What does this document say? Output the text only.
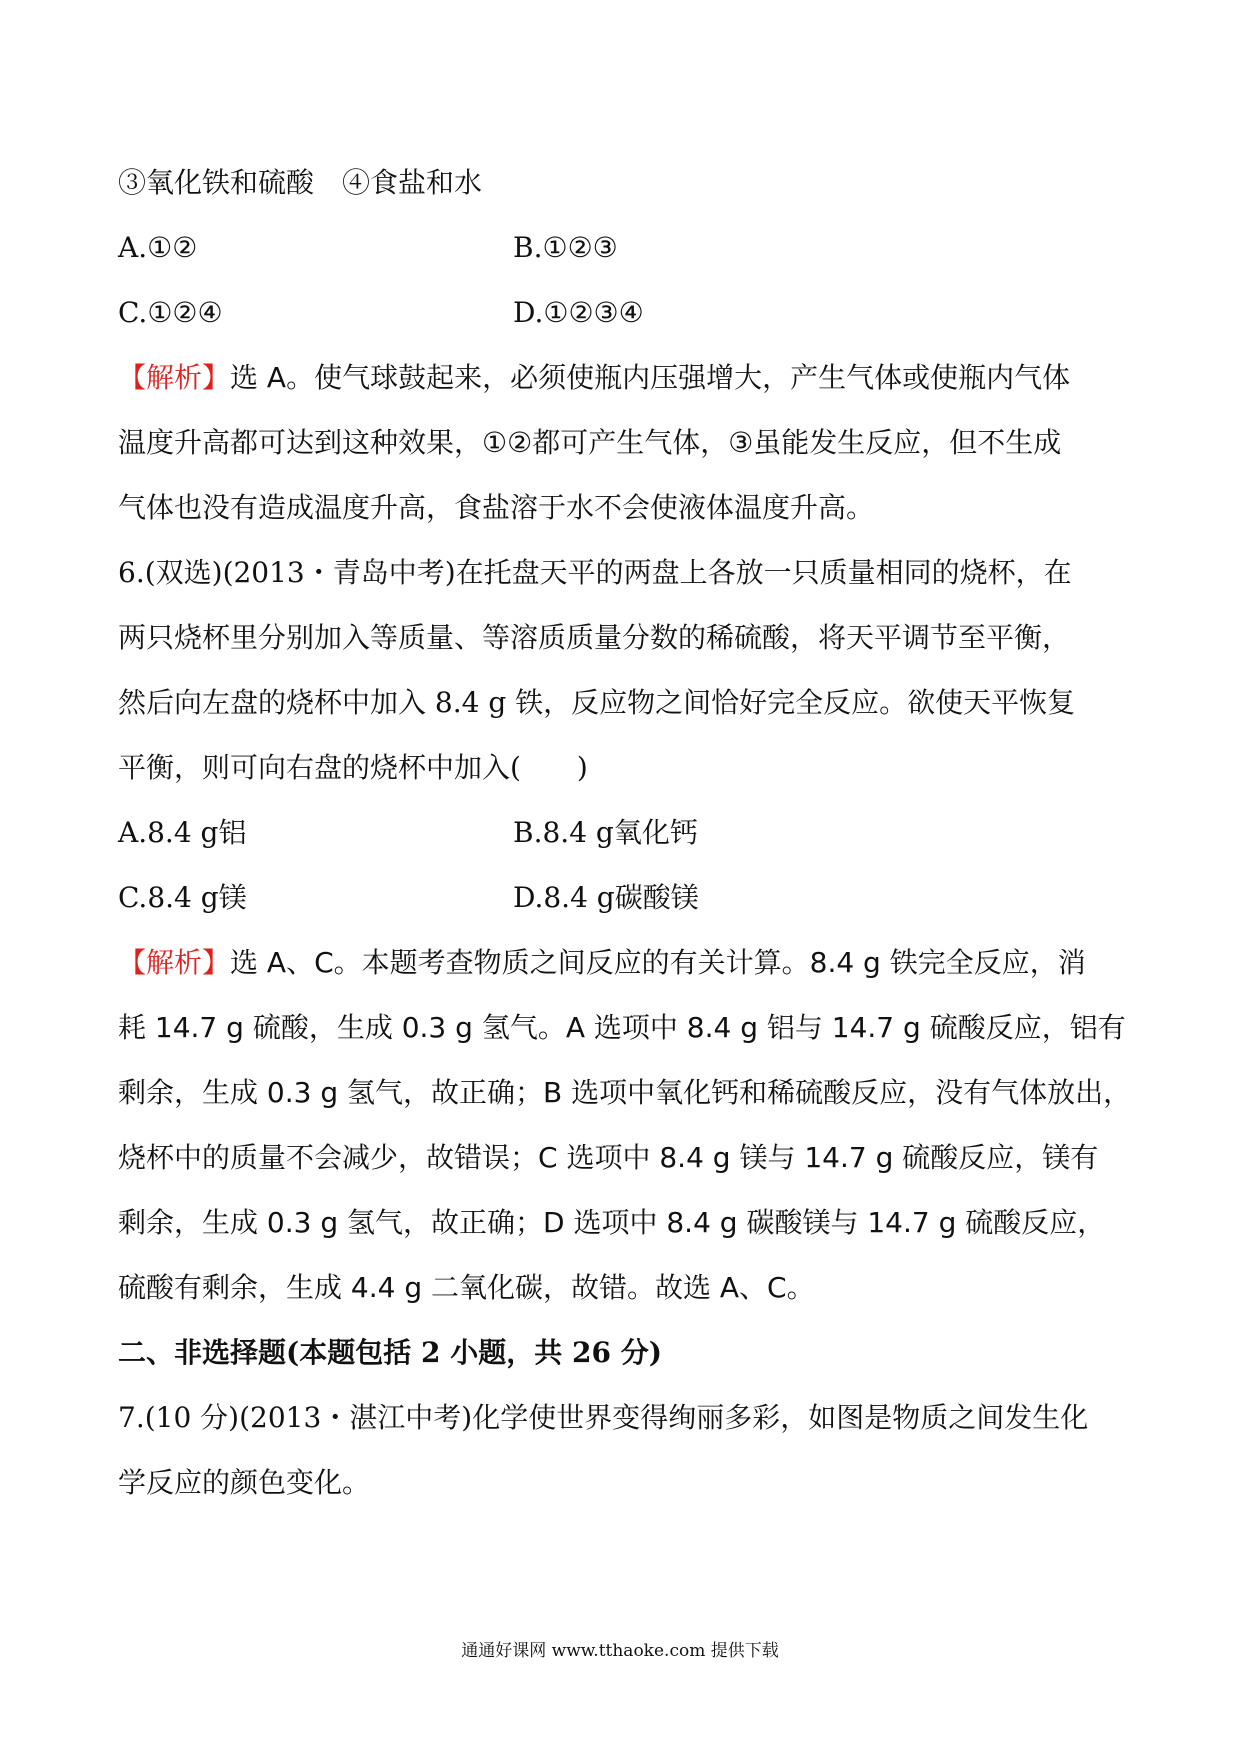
③氧化铁和硫酸　④食盐和水
A.①②	B.①②③
C.①②④	D.①②③④
【解析】选 A。使气球鼓起来，必须使瓶内压强增大，产生气体或使瓶内气体
温度升高都可达到这种效果，①②都可产生气体，③虽能发生反应，但不生成
气体也没有造成温度升高，食盐溶于水不会使液体温度升高。
6.(双选)(2013・青岛中考)在托盘天平的两盘上各放一只质量相同的烧杯，在
两只烧杯里分别加入等质量、等溶质质量分数的稀硫酸，将天平调节至平衡，
然后向左盘的烧杯中加入 8.4 g 铁，反应物之间恰好完全反应。欲使天平恢复
平衡，则可向右盘的烧杯中加入(　　)
A.8.4 g铝	B.8.4 g氧化钙
C.8.4 g镁	D.8.4 g碳酸镁
【解析】选 A、C。本题考查物质之间反应的有关计算。8.4 g 铁完全反应，消
耗 14.7 g 硫酸，生成 0.3 g 氢气。A 选项中 8.4 g 铝与 14.7 g 硫酸反应，铝有
剩余，生成 0.3 g 氢气，故正确；B 选项中氧化钙和稀硫酸反应，没有气体放出，
烧杯中的质量不会减少，故错误；C 选项中 8.4 g 镁与 14.7 g 硫酸反应，镁有
剩余，生成 0.3 g 氢气，故正确；D 选项中 8.4 g 碳酸镁与 14.7 g 硫酸反应，
硫酸有剩余，生成 4.4 g 二氧化碳，故错。故选 A、C。
二、非选择题(本题包括 2 小题，共 26 分)
7.(10 分)(2013・湛江中考)化学使世界变得绚丽多彩，如图是物质之间发生化
学反应的颜色变化。
通通好课网 www.tthaoke.com 提供下载
